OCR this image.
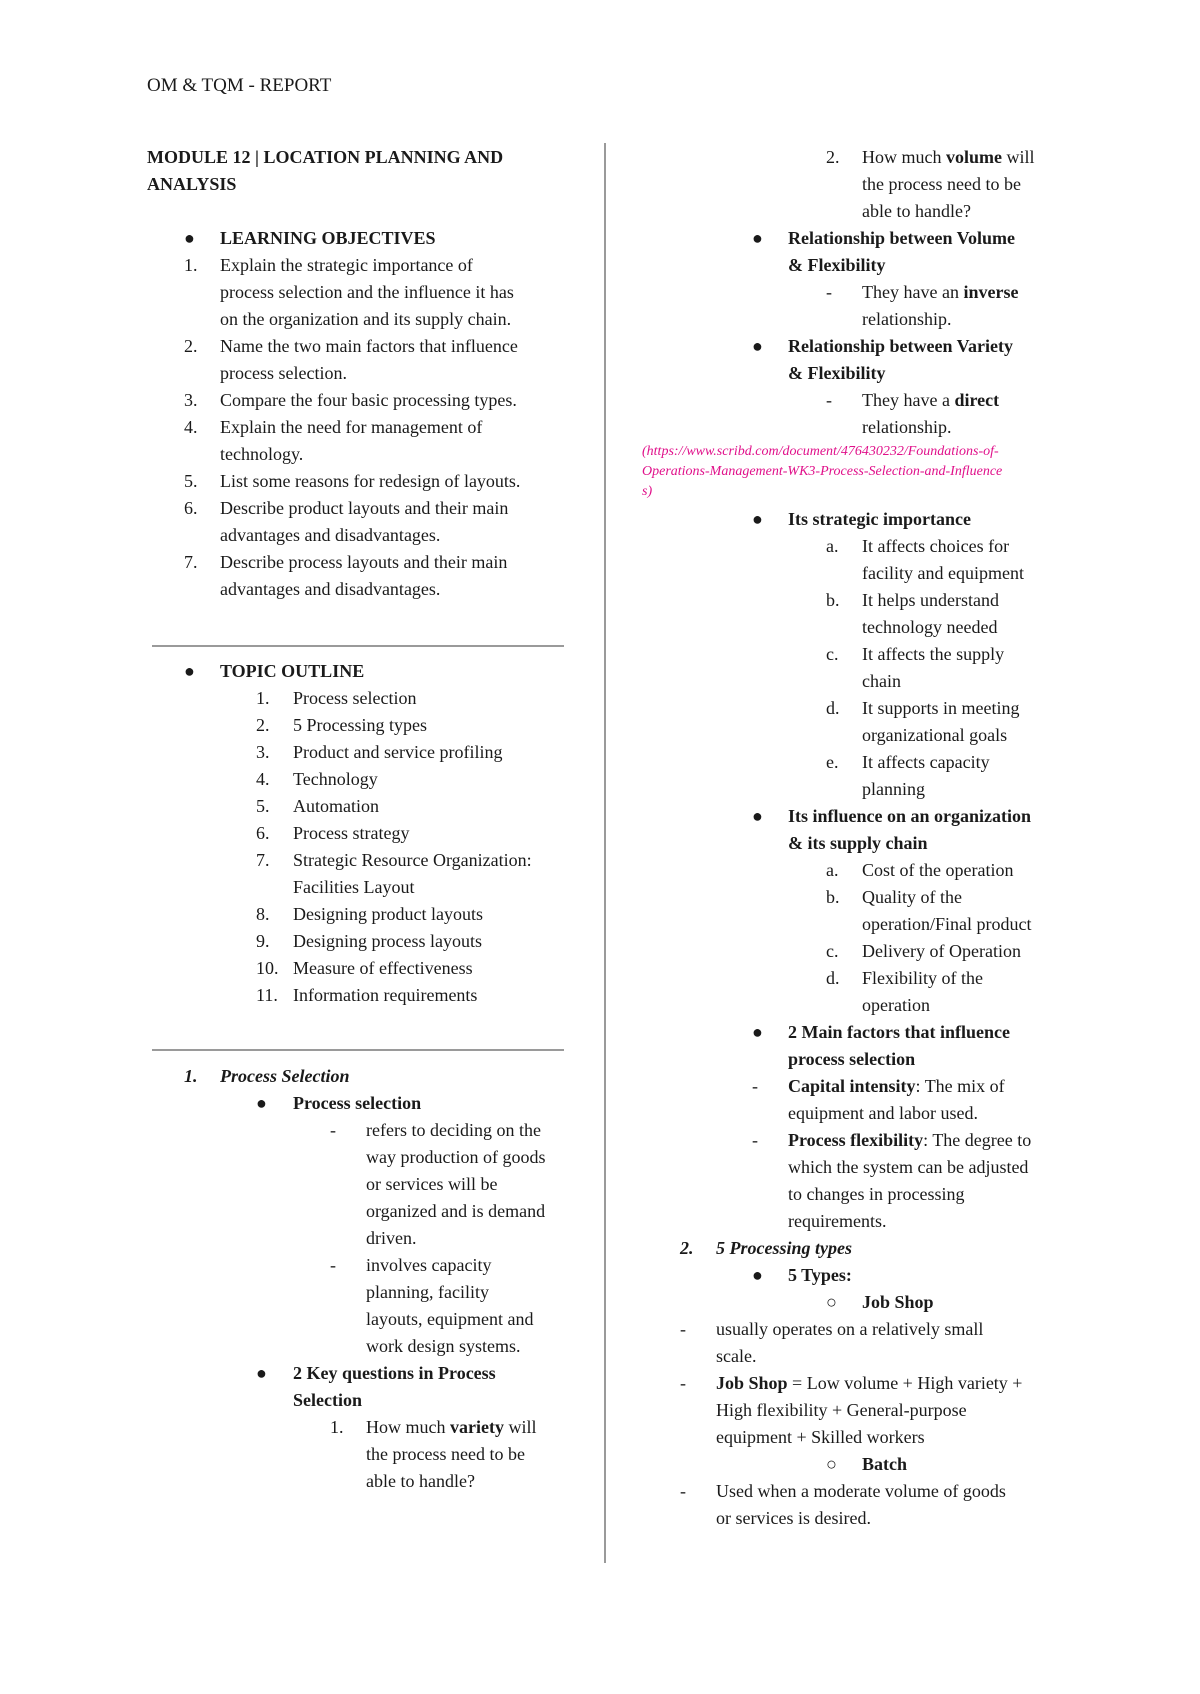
OM & TQM - REPORT
MODULE 12 | LOCATION PLANNING AND
ANALYSIS
● LEARNING OBJECTIVES
1. Explain the strategic importance of
process selection and the influence it has
on the organization and its supply chain.
2. Name the two main factors that influence
process selection.
3. Compare the four basic processing types.
4. Explain the need for management of
technology.
5. List some reasons for redesign of layouts.
6. Describe product layouts and their main
advantages and disadvantages.
7. Describe process layouts and their main
advantages and disadvantages.
● TOPIC OUTLINE
1. Process selection
2. 5 Processing types
3. Product and service profiling
4. Technology
5. Automation
6. Process strategy
7. Strategic Resource Organization:
Facilities Layout
8. Designing product layouts
9. Designing process layouts
10. Measure of effectiveness
11. Information requirements
1. Process Selection
● Process selection
- refers to deciding on the
way production of goods
or services will be
organized and is demand
driven.
- involves capacity
planning, facility
layouts, equipment and
work design systems.
● 2 Key questions in Process
Selection
1. How much variety will
the process need to be
able to handle?
2. How much volume will
the process need to be
able to handle?
● Relationship between Volume
& Flexibility
- They have an inverse
relationship.
● Relationship between Variety
& Flexibility
- They have a direct
relationship.
(https://www.scribd.com/document/476430232/Foundations-of-
Operations-Management-WK3-Process-Selection-and-Influence
s)
● Its strategic importance
a. It affects choices for
facility and equipment
b. It helps understand
technology needed
c. It affects the supply
chain
d. It supports in meeting
organizational goals
e. It affects capacity
planning
● Its influence on an organization
& its supply chain
a. Cost of the operation
b. Quality of the
operation/Final product
c. Delivery of Operation
d. Flexibility of the
operation
● 2 Main factors that influence
process selection
- Capital intensity: The mix of
equipment and labor used.
- Process flexibility: The degree to
which the system can be adjusted
to changes in processing
requirements.
2. 5 Processing types
● 5 Types:
○ Job Shop
- usually operates on a relatively small
scale.
- Job Shop = Low volume + High variety +
High flexibility + General-purpose
equipment + Skilled workers
○ Batch
- Used when a moderate volume of goods
or services is desired.
